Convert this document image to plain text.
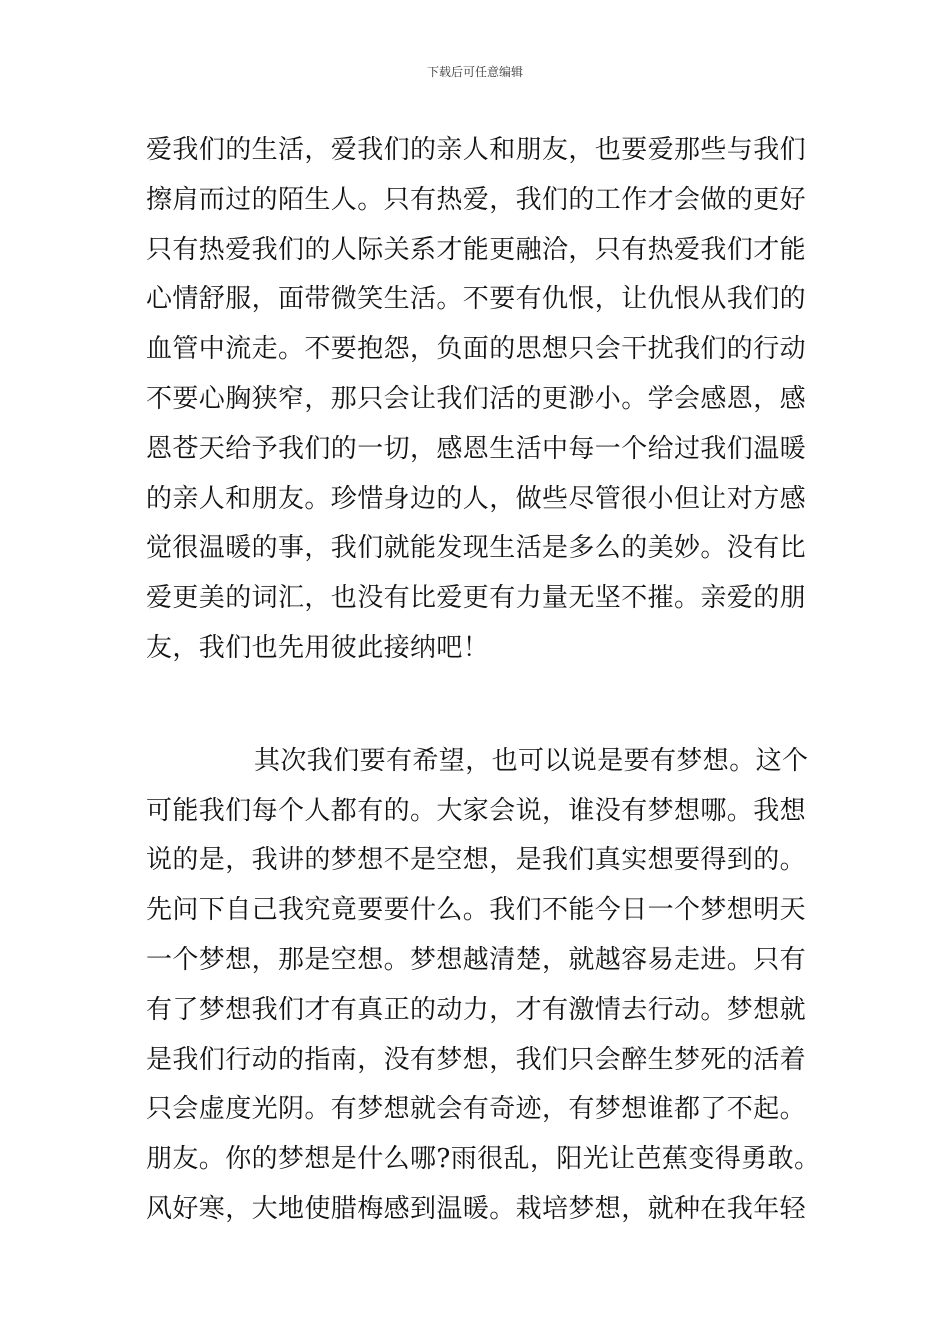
下载后可任意编辑
爱我们的生活，爱我们的亲人和朋友，也要爱那些与我们
擦肩而过的陌生人。只有热爱，我们的工作才会做的更好
只有热爱我们的人际关系才能更融洽，只有热爱我们才能
心情舒服，面带微笑生活。不要有仇恨，让仇恨从我们的
血管中流走。不要抱怨，负面的思想只会干扰我们的行动
不要心胸狭窄，那只会让我们活的更渺小。学会感恩，感
恩苍天给予我们的一切，感恩生活中每一个给过我们温暖
的亲人和朋友。珍惜身边的人，做些尽管很小但让对方感
觉很温暖的事，我们就能发现生活是多么的美妙。没有比
爱更美的词汇，也没有比爱更有力量无坚不摧。亲爱的朋
友，我们也先用彼此接纳吧！
其次我们要有希望，也可以说是要有梦想。这个
可能我们每个人都有的。大家会说，谁没有梦想哪。我想
说的是，我讲的梦想不是空想，是我们真实想要得到的。
先问下自己我究竟要要什么。我们不能今日一个梦想明天
一个梦想，那是空想。梦想越清楚，就越容易走进。只有
有了梦想我们才有真正的动力，才有激情去行动。梦想就
是我们行动的指南，没有梦想，我们只会醉生梦死的活着
只会虚度光阴。有梦想就会有奇迹，有梦想谁都了不起。
朋友。你的梦想是什么哪?雨很乱，阳光让芭蕉变得勇敢。
风好寒，大地使腊梅感到温暖。栽培梦想，就种在我年轻
